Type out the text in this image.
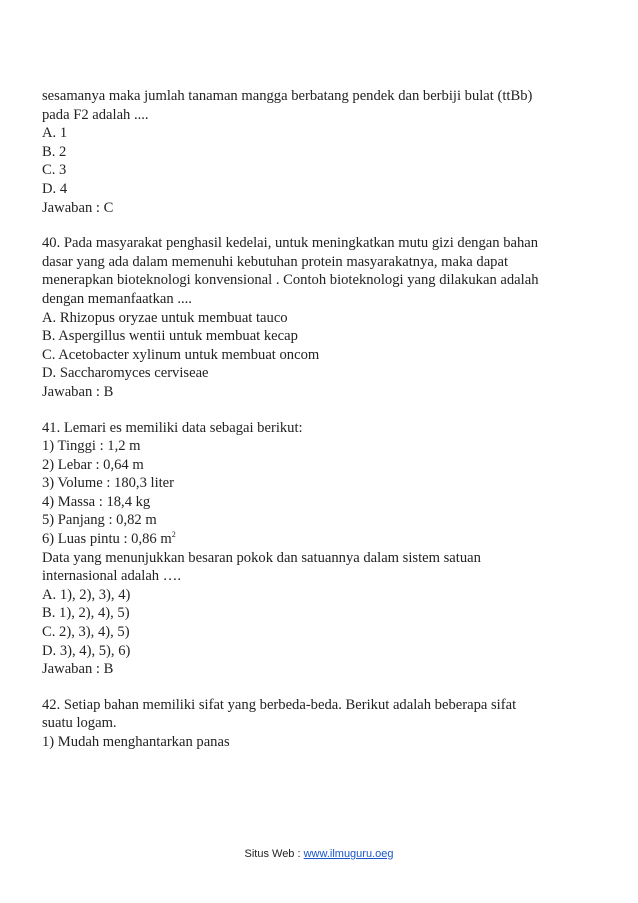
sesamanya maka jumlah tanaman mangga berbatang pendek dan berbiji bulat (ttBb)
pada F2 adalah ....
A. 1
B. 2
C. 3
D. 4
Jawaban : C
40. Pada masyarakat penghasil kedelai, untuk meningkatkan mutu gizi dengan bahan
dasar yang ada dalam memenuhi kebutuhan protein masyarakatnya, maka dapat
menerapkan bioteknologi konvensional . Contoh bioteknologi yang dilakukan adalah
dengan memanfaatkan ....
A. Rhizopus oryzae untuk membuat tauco
B. Aspergillus wentii untuk membuat kecap
C. Acetobacter xylinum untuk membuat oncom
D. Saccharomyces cerviseae
Jawaban : B
41. Lemari es memiliki data sebagai berikut:
1) Tinggi : 1,2 m
2) Lebar : 0,64 m
3) Volume : 180,3 liter
4) Massa : 18,4 kg
5) Panjang : 0,82 m
6) Luas pintu : 0,86 $m^2$
Data yang menunjukkan besaran pokok dan satuannya dalam sistem satuan
internasional adalah ….
A. 1), 2), 3), 4)
B. 1), 2), 4), 5)
C. 2), 3), 4), 5)
D. 3), 4), 5), 6)
Jawaban : B
42. Setiap bahan memiliki sifat yang berbeda-beda. Berikut adalah beberapa sifat
suatu logam.
1) Mudah menghantarkan panas
Situs Web : www.ilmuguru.oeg
